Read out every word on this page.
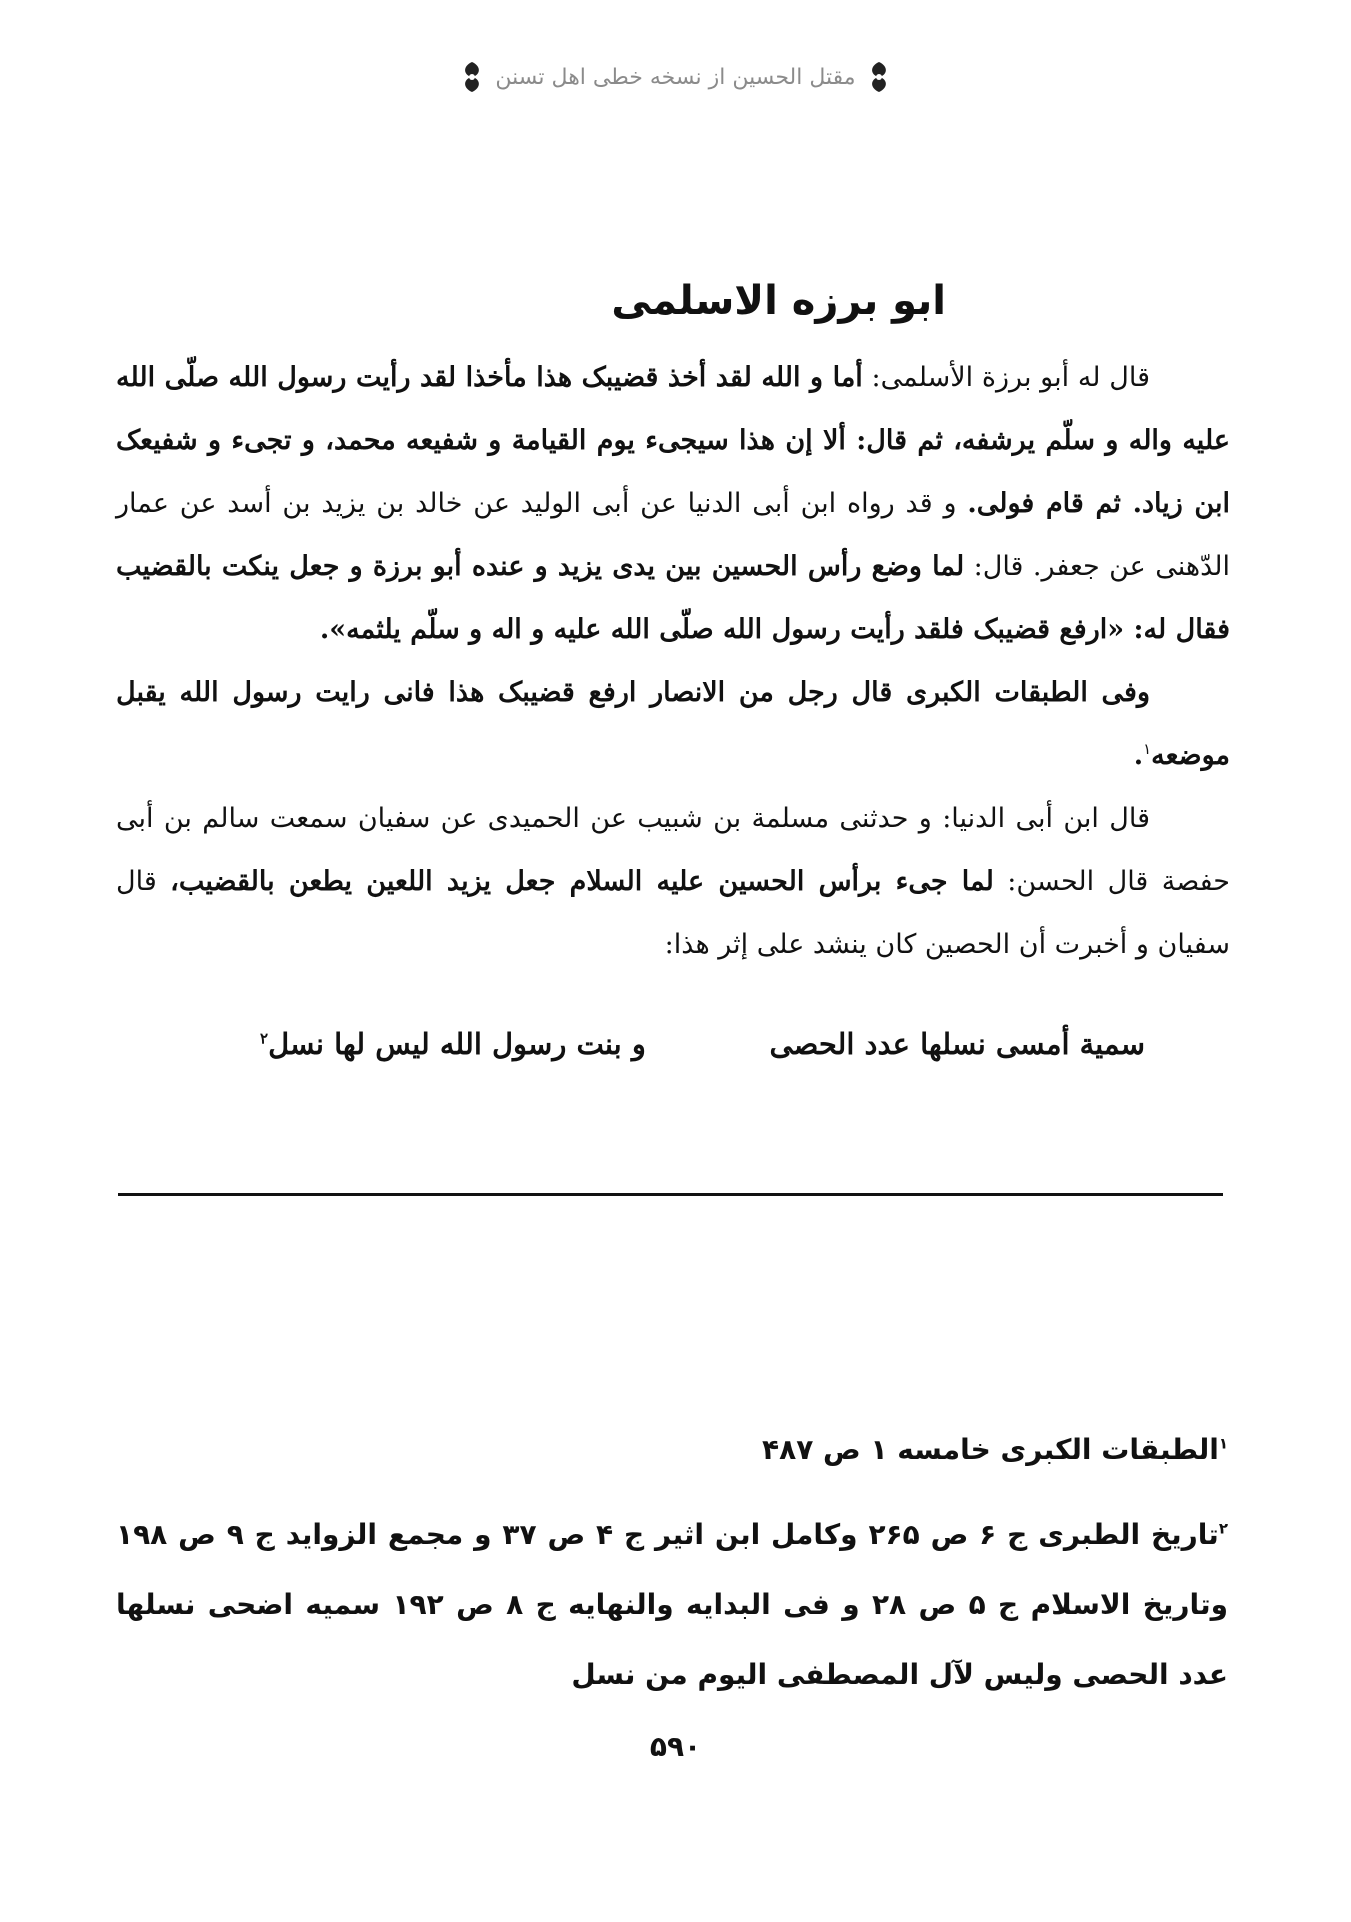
مقتل الحسين از نسخه خطى اهل تسنن
ابو برزه الاسلمی

قال له أبو برزة الأسلمی: أما و الله لقد أخذ قضیبک هذا مأخذا لقد رأیت رسول الله صلّی الله علیه واله و سلّم یرشفه، ثم قال: ألا إن هذا سیجیء یوم القیامة و شفیعه محمد، و تجیء و شفیعک ابن زیاد. ثم قام فولی. و قد رواه ابن أبی الدنیا عن أبی الولید عن خالد بن یزید بن أسد عن عمار الدّهنی عن جعفر. قال: لما وضع رأس الحسین بین یدی یزید و عنده أبو برزة و جعل ینکت بالقضیب فقال له: «ارفع قضیبک فلقد رأیت رسول الله صلّی الله علیه و اله و سلّم یلثمه».

وفی الطبقات الکبری قال رجل من الانصار ارفع قضیبک هذا فانی رایت رسول الله یقبل موضعه$^۱$.

قال ابن أبی الدنیا: و حدثنی مسلمة بن شبیب عن الحمیدی عن سفیان سمعت سالم بن أبی حفصة قال الحسن: لما جیء برأس الحسین علیه السلام جعل یزید اللعین یطعن بالقضیب، قال سفیان و أخبرت أن الحصین کان ینشد علی إثر هذا:

سمیة أمسی نسلها عدد الحصی
و بنت رسول الله لیس لها نسل$^۲$

$^۱$الطبقات الکبری خامسه ۱ ص ۴۸۷

$^۲$تاریخ الطبری ج ۶ ص ۲۶۵ وکامل ابن اثیر ج ۴ ص ۳۷ و مجمع الزواید ج ۹ ص ۱۹۸ وتاریخ الاسلام ج ۵ ص ۲۸ و فی البدایه والنهایه ج ۸ ص ۱۹۲ سمیه اضحی نسلها عدد الحصی ولیس لآل المصطفی الیوم من نسل

۵۹۰
